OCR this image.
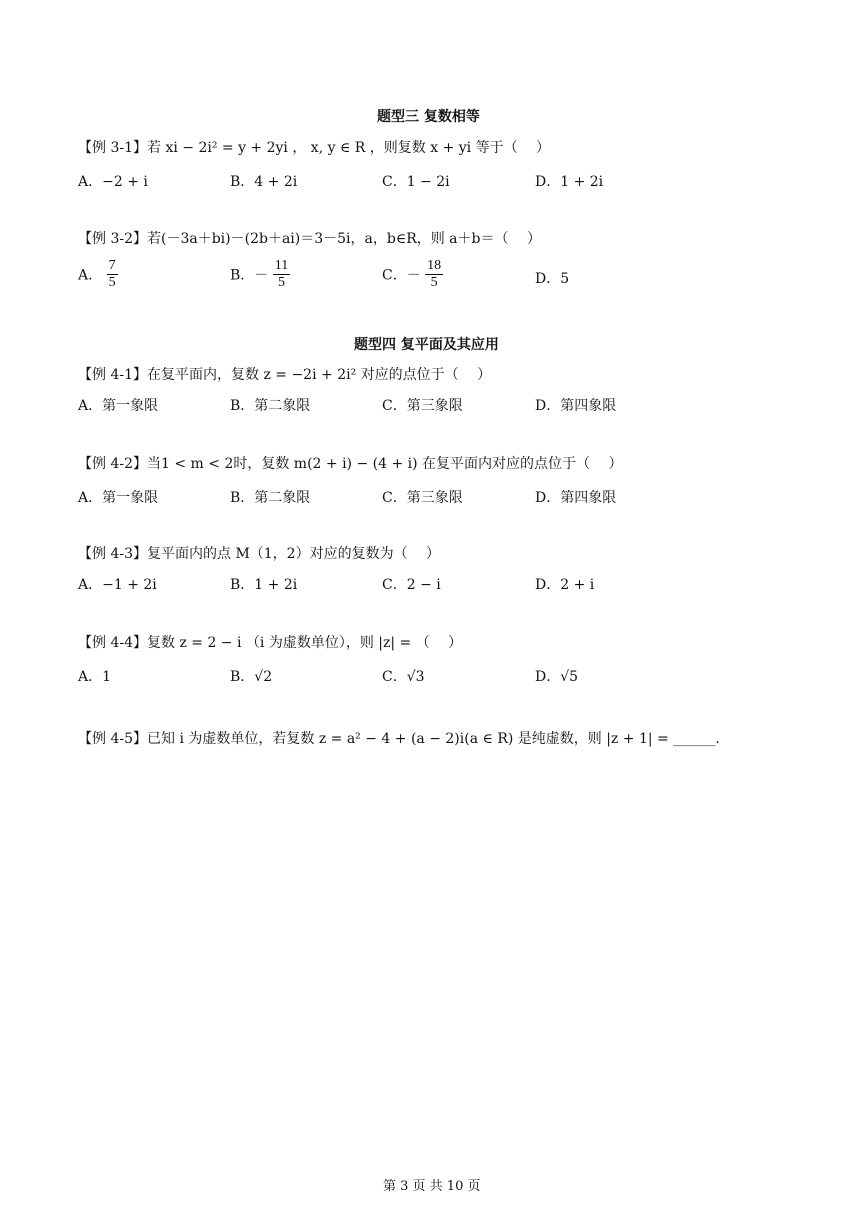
题型三 复数相等
【例 3-1】若 xi − 2i² = y + 2yi ， x, y ∈ R ，则复数 x + yi 等于（　 ）
A．−2 + i	B．4 + 2i	C．1 − 2i	D．1 + 2i
【例 3-2】若(－3a＋bi)－(2b＋ai)＝3－5i，a，b∈R，则 a＋b＝（　 ）
A． $\frac{7}{5}$	B．－ $\frac{11}{5}$	C．－ $\frac{18}{5}$	D．5
题型四 复平面及其应用
【例 4-1】在复平面内，复数 z = −2i + 2i² 对应的点位于（　 ）
A．第一象限	B．第二象限	C．第三象限	D．第四象限
【例 4-2】当1 < m < 2时，复数 m(2 + i) − (4 + i) 在复平面内对应的点位于（　 ）
A．第一象限	B．第二象限	C．第三象限	D．第四象限
【例 4-3】复平面内的点 M（1，2）对应的复数为（　 ）
A．−1 + 2i	B．1 + 2i	C．2 − i	D．2 + i
【例 4-4】复数 z = 2 − i （i 为虚数单位），则 |z| = （　 ）
A．1	B．√2	C．√3	D．√5
【例 4-5】已知 i 为虚数单位，若复数 z = a² − 4 + (a − 2)i(a ∈ R) 是纯虚数，则 |z + 1| = ______.
第 3 页 共 10 页
